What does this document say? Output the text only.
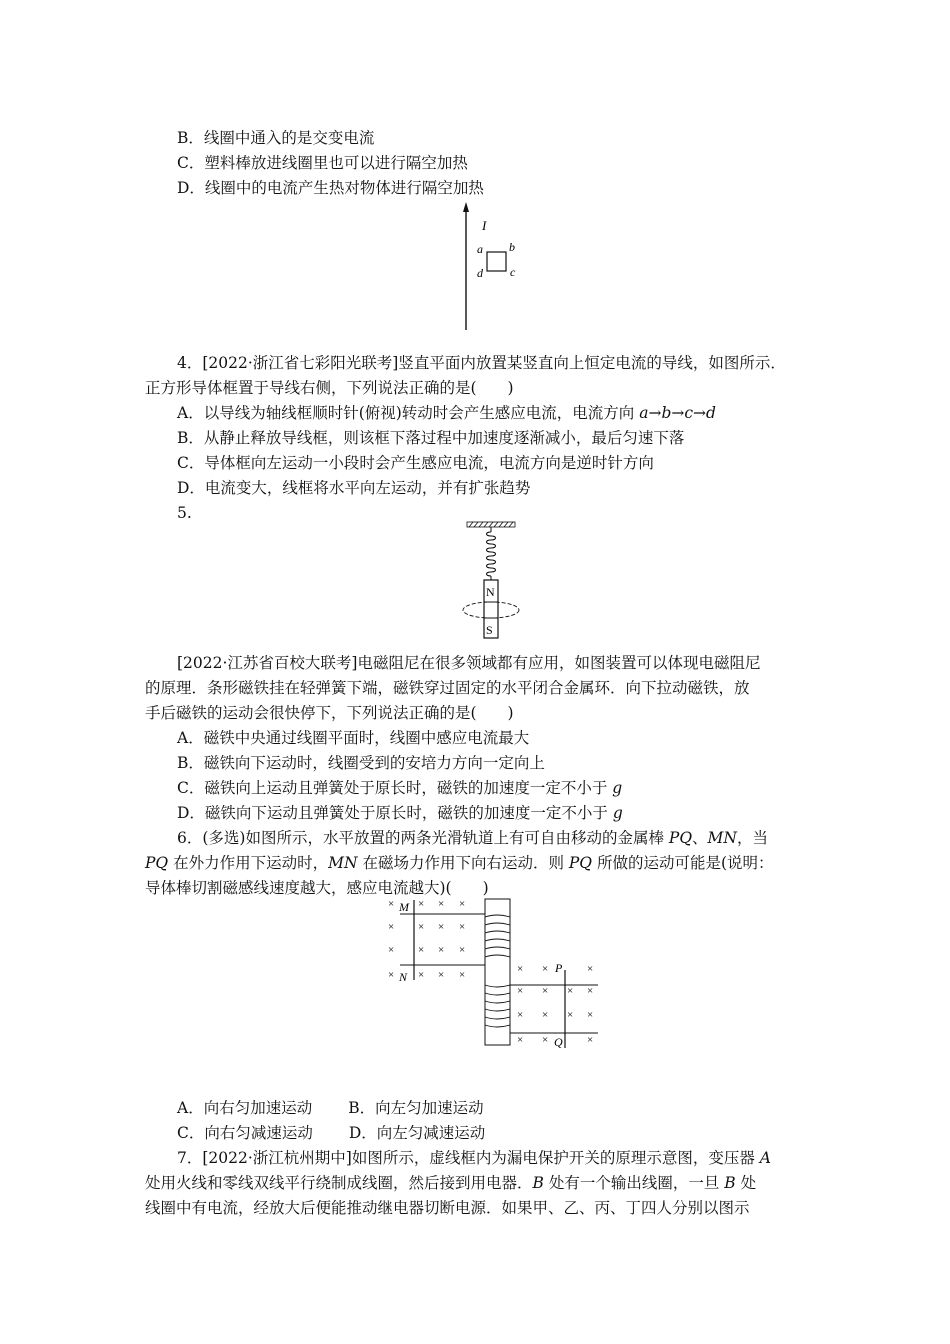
B．线圈中通入的是交变电流
C．塑料棒放进线圈里也可以进行隔空加热
D．线圈中的电流产生热对物体进行隔空加热
I
a b
c
d
4．[2022·浙江省七彩阳光联考]竖直平面内放置某竖直向上恒定电流的导线，如图所示．
正方形导体框置于导线右侧，下列说法正确的是(　　)
A．以导线为轴线框顺时针(俯视)转动时会产生感应电流，电流方向 a→b→c→d
B．从静止释放导线框，则该框下落过程中加速度逐渐减小，最后匀速下落
C．导体框向左运动一小段时会产生感应电流，电流方向是逆时针方向
D．电流变大，线框将水平向左运动，并有扩张趋势
5.
N
S
[2022·江苏省百校大联考]电磁阻尼在很多领域都有应用，如图装置可以体现电磁阻尼
的原理．条形磁铁挂在轻弹簧下端，磁铁穿过固定的水平闭合金属环．向下拉动磁铁，放
手后磁铁的运动会很快停下，下列说法正确的是(　　)
A．磁铁中央通过线圈平面时，线圈中感应电流最大
B．磁铁向下运动时，线圈受到的安培力方向一定向上
C．磁铁向上运动且弹簧处于原长时，磁铁的加速度一定不小于 g
D．磁铁向下运动且弹簧处于原长时，磁铁的加速度一定不小于 g
6．(多选)如图所示，水平放置的两条光滑轨道上有可自由移动的金属棒 PQ、MN，当
PQ 在外力作用下运动时，MN 在磁场力作用下向右运动．则 PQ 所做的运动可能是(说明：
导体棒切割磁感线速度越大，感应电流越大)(　　)
M
N
× × × ×
× × × ×
× × × ×
× × × ×	P
Q
× ×	×
× × × ×
× × × ×
× ×	×
A．向右匀加速运动 B．向左匀加速运动
C．向右匀减速运动 D．向左匀减速运动
7．[2022·浙江杭州期中]如图所示，虚线框内为漏电保护开关的原理示意图，变压器 A
处用火线和零线双线平行绕制成线圈，然后接到用电器．B 处有一个输出线圈，一旦 B 处
线圈中有电流，经放大后便能推动继电器切断电源．如果甲、乙、丙、丁四人分别以图示
